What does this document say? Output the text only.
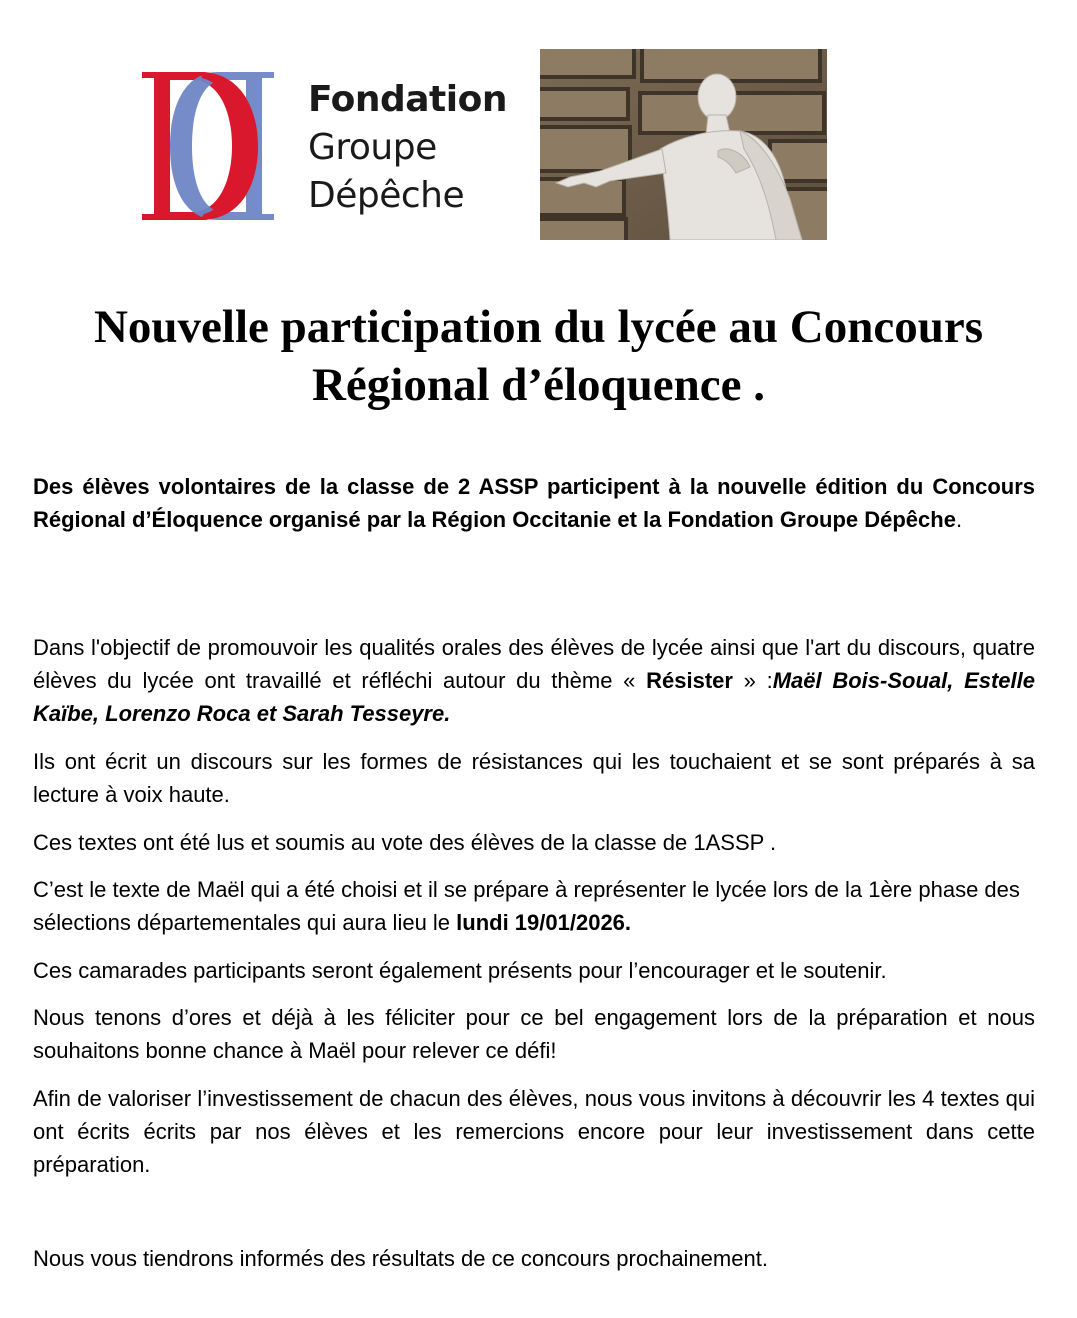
Fondation
Groupe
Dépêche
Nouvelle participation du lycée au Concours
Régional d’éloquence .

Des élèves volontaires de la classe de 2 ASSP participent à la nouvelle édition du Concours Régional d’Éloquence organisé par la Région Occitanie et la Fondation Groupe Dépêche.

Dans l'objectif de promouvoir les qualités orales des élèves de lycée ainsi que l'art du discours, quatre élèves du lycée ont travaillé et réfléchi autour du thème « Résister » :Maël Bois-Soual, Estelle Kaïbe, Lorenzo Roca et Sarah Tesseyre.

Ils ont écrit un discours sur les formes de résistances qui les touchaient et se sont préparés à sa lecture à voix haute.

Ces textes ont été lus et soumis au vote des élèves de la classe de 1ASSP .

C’est le texte de Maël qui a été choisi et il se prépare à représenter le lycée lors de la 1ère phase des sélections départementales qui aura lieu le lundi 19/01/2026.

Ces camarades participants seront également présents pour l’encourager et le soutenir.

Nous tenons d’ores et déjà à les féliciter pour ce bel engagement lors de la préparation et nous souhaitons bonne chance à Maël pour relever ce défi!

Afin de valoriser l’investissement de chacun des élèves, nous vous invitons à découvrir les 4 textes qui ont écrits écrits par nos élèves et les remercions encore pour leur investissement dans cette préparation.

Nous vous tiendrons informés des résultats de ce concours prochainement.
